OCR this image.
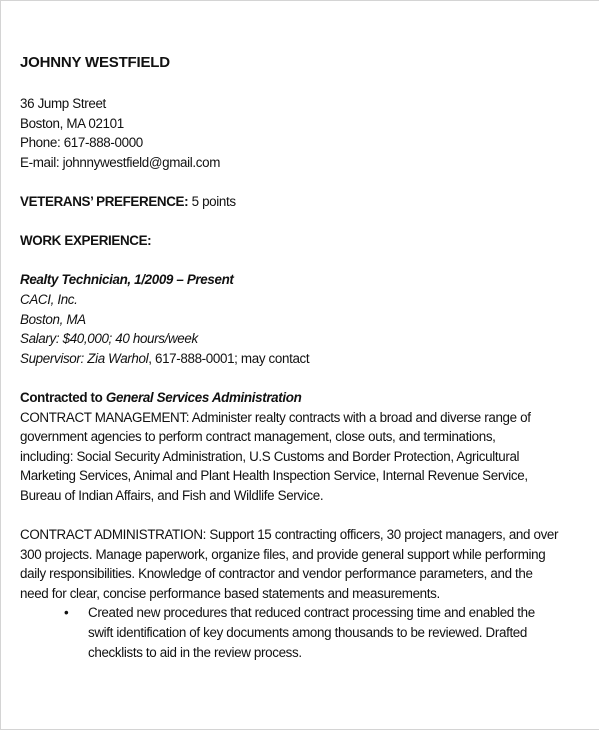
JOHNNY WESTFIELD
36 Jump Street
Boston, MA 02101
Phone: 617-888-0000
E-mail: johnnywestfield@gmail.com
VETERANS’ PREFERENCE: 5 points
WORK EXPERIENCE:
Realty Technician, 1/2009 – Present
CACI, Inc.
Boston, MA
Salary: $40,000; 40 hours/week
Supervisor: Zia Warhol, 617-888-0001; may contact
Contracted to General Services Administration
CONTRACT MANAGEMENT: Administer realty contracts with a broad and diverse range of
government agencies to perform contract management, close outs, and terminations,
including: Social Security Administration, U.S Customs and Border Protection, Agricultural
Marketing Services, Animal and Plant Health Inspection Service, Internal Revenue Service,
Bureau of Indian Affairs, and Fish and Wildlife Service.
CONTRACT ADMINISTRATION: Support 15 contracting officers, 30 project managers, and over
300 projects. Manage paperwork, organize files, and provide general support while performing
daily responsibilities. Knowledge of contractor and vendor performance parameters, and the
need for clear, concise performance based statements and measurements.
• Created new procedures that reduced contract processing time and enabled the
swift identification of key documents among thousands to be reviewed. Drafted
checklists to aid in the review process.
